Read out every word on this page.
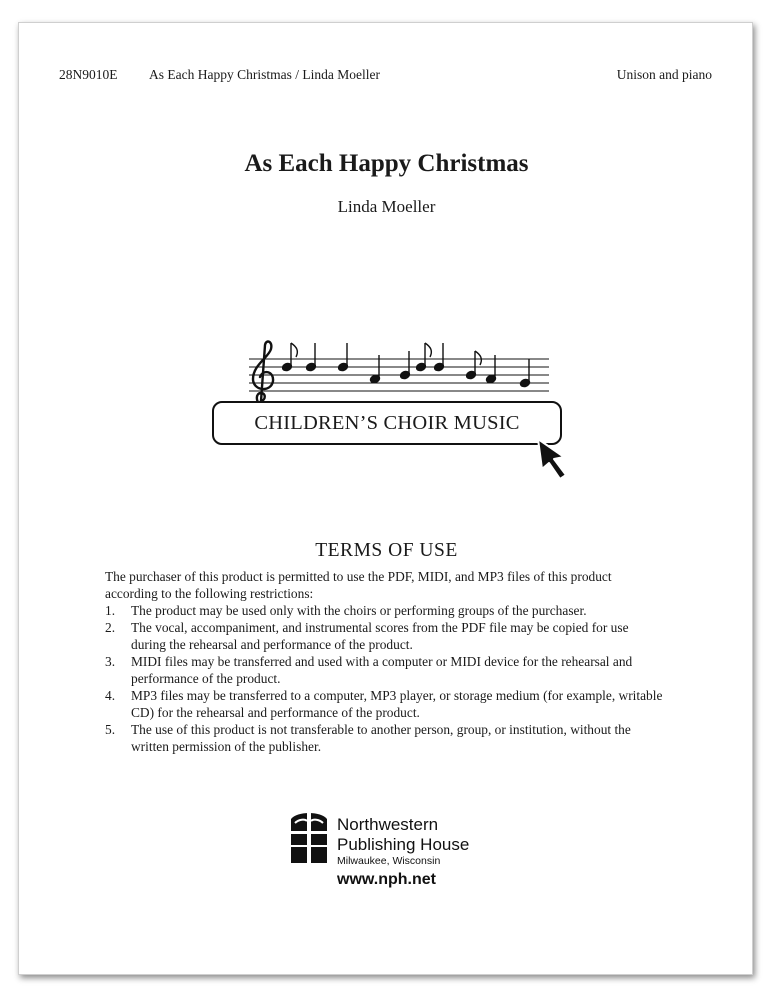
28N9010E As Each Happy Christmas / Linda Moeller	Unison and piano
As Each Happy Christmas
Linda Moeller
CHILDREN’S CHOIR MUSIC
TERMS OF USE

The purchaser of this product is permitted to use the PDF, MIDI, and MP3 files of this product according to the following restrictions:

1. The product may be used only with the choirs or performing groups of the purchaser.
2. The vocal, accompaniment, and instrumental scores from the PDF file may be copied for use during the rehearsal and performance of the product.
3. MIDI files may be transferred and used with a computer or MIDI device for the rehearsal and performance of the product.
4. MP3 files may be transferred to a computer, MP3 player, or storage medium (for example, writable CD) for the rehearsal and performance of the product.
5. The use of this product is not transferable to another person, group, or institution, without the written permission of the publisher.
Northwestern
Publishing House
Milwaukee, Wisconsin
www.nph.net
